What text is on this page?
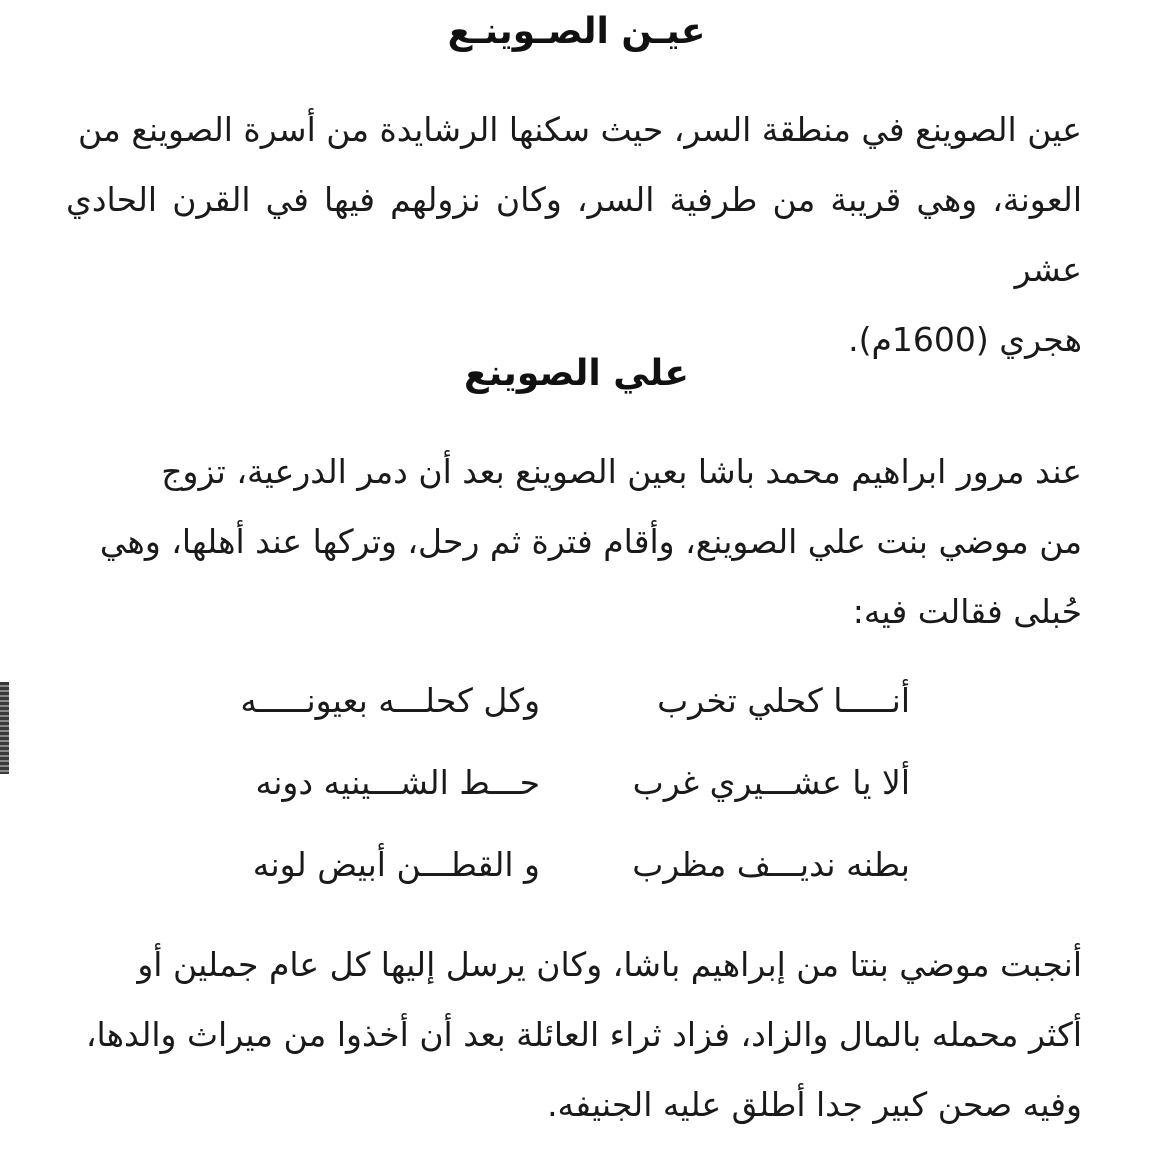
عيـن الصـوينـع
عين الصوينع في منطقة السر، حيث سكنها الرشايدة من أسرة الصوينع من
العونة، وهي قريبة من طرفية السر، وكان نزولهم فيها في القرن الحادي عشر
هجري (1600م).
علي الصوينع
عند مرور ابراهيم محمد باشا بعين الصوينع بعد أن دمر الدرعية، تزوج
من موضي بنت علي الصوينع، وأقام فترة ثم رحل، وتركها عند أهلها، وهي
حُبلى فقالت فيه:
أنـــــا كحلي تخرب
وكل كحلـــه بعيونـــــه
ألا يا عشـــيري غرب
حـــط الشـــينيه دونه
بطنه نديـــف مظرب
و القطـــن أبيض لونه
أنجبت موضي بنتا من إبراهيم باشا، وكان يرسل إليها كل عام جملين أو
أكثر محمله بالمال والزاد، فزاد ثراء العائلة بعد أن أخذوا من ميراث والدها،
وفيه صحن كبير جدا أطلق عليه الجنيفه.
